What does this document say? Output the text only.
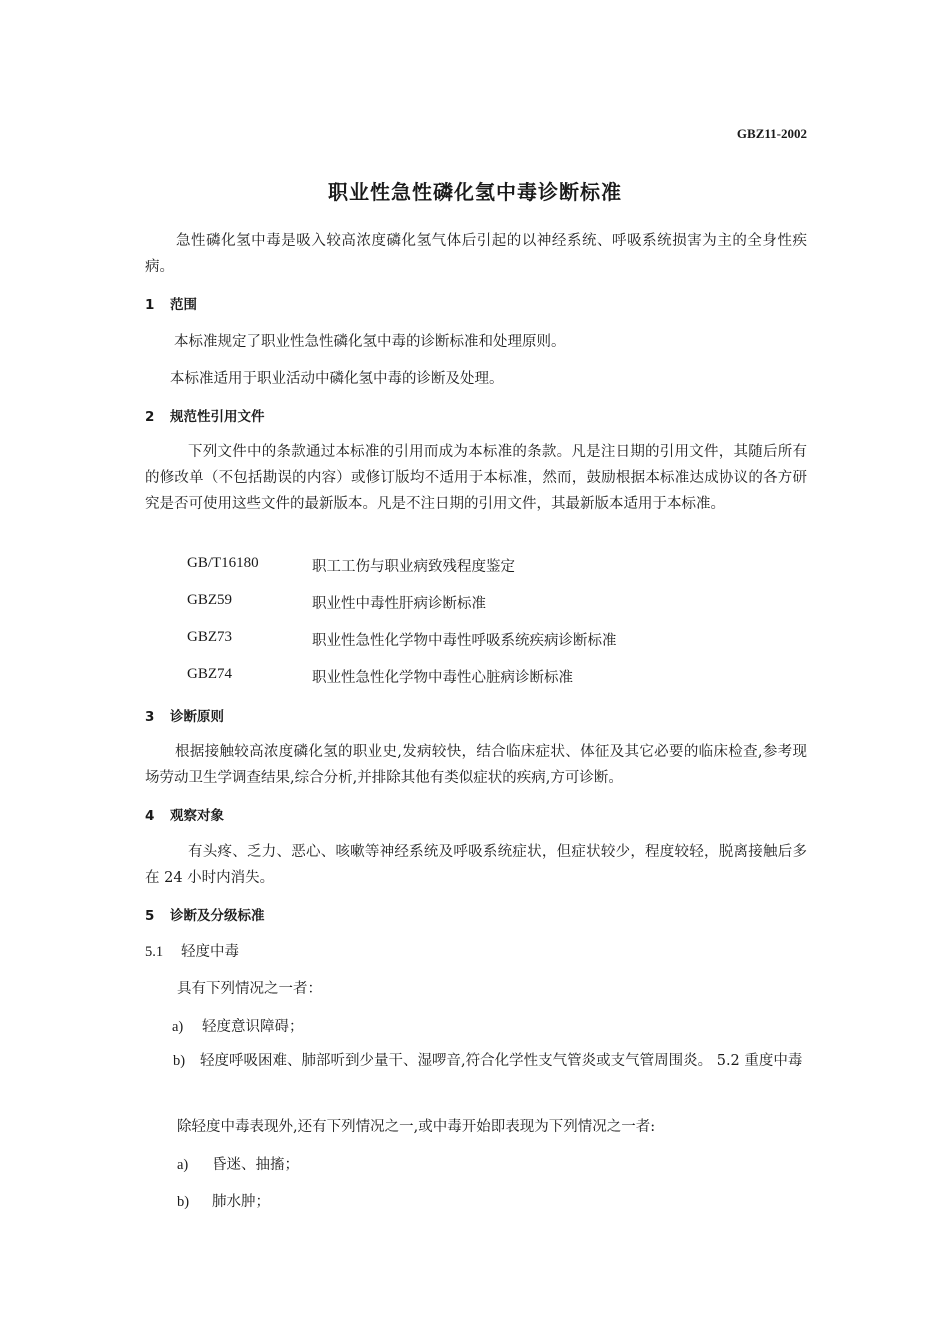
GBZ11-2002
职业性急性磷化氢中毒诊断标准
急性磷化氢中毒是吸入较高浓度磷化氢气体后引起的以神经系统、呼吸系统损害为主的全身性疾病。
1 范围
本标准规定了职业性急性磷化氢中毒的诊断标准和处理原则。
本标准适用于职业活动中磷化氢中毒的诊断及处理。
2 规范性引用文件
下列文件中的条款通过本标准的引用而成为本标准的条款。凡是注日期的引用文件，其随后所有的修改单（不包括勘误的内容）或修订版均不适用于本标准，然而，鼓励根据本标准达成协议的各方研究是否可使用这些文件的最新版本。凡是不注日期的引用文件，其最新版本适用于本标准。
GB/T16180	职工工伤与职业病致残程度鉴定
GBZ59	职业性中毒性肝病诊断标准
GBZ73	职业性急性化学物中毒性呼吸系统疾病诊断标准
GBZ74	职业性急性化学物中毒性心脏病诊断标准
3 诊断原则
根据接触较高浓度磷化氢的职业史,发病较快，结合临床症状、体征及其它必要的临床检查,参考现场劳动卫生学调查结果,综合分析,并排除其他有类似症状的疾病,方可诊断。
4 观察对象
有头疼、乏力、恶心、咳嗽等神经系统及呼吸系统症状，但症状较少，程度较轻，脱离接触后多在 24 小时内消失。
5 诊断及分级标准
5.1 轻度中毒
具有下列情况之一者：
a) 轻度意识障碍；
b) 轻度呼吸困难、肺部听到少量干、湿啰音,符合化学性支气管炎或支气管周围炎。 5.2 重度中毒
除轻度中毒表现外,还有下列情况之一,或中毒开始即表现为下列情况之一者:
a) 昏迷、抽搐；
b) 肺水肿；
